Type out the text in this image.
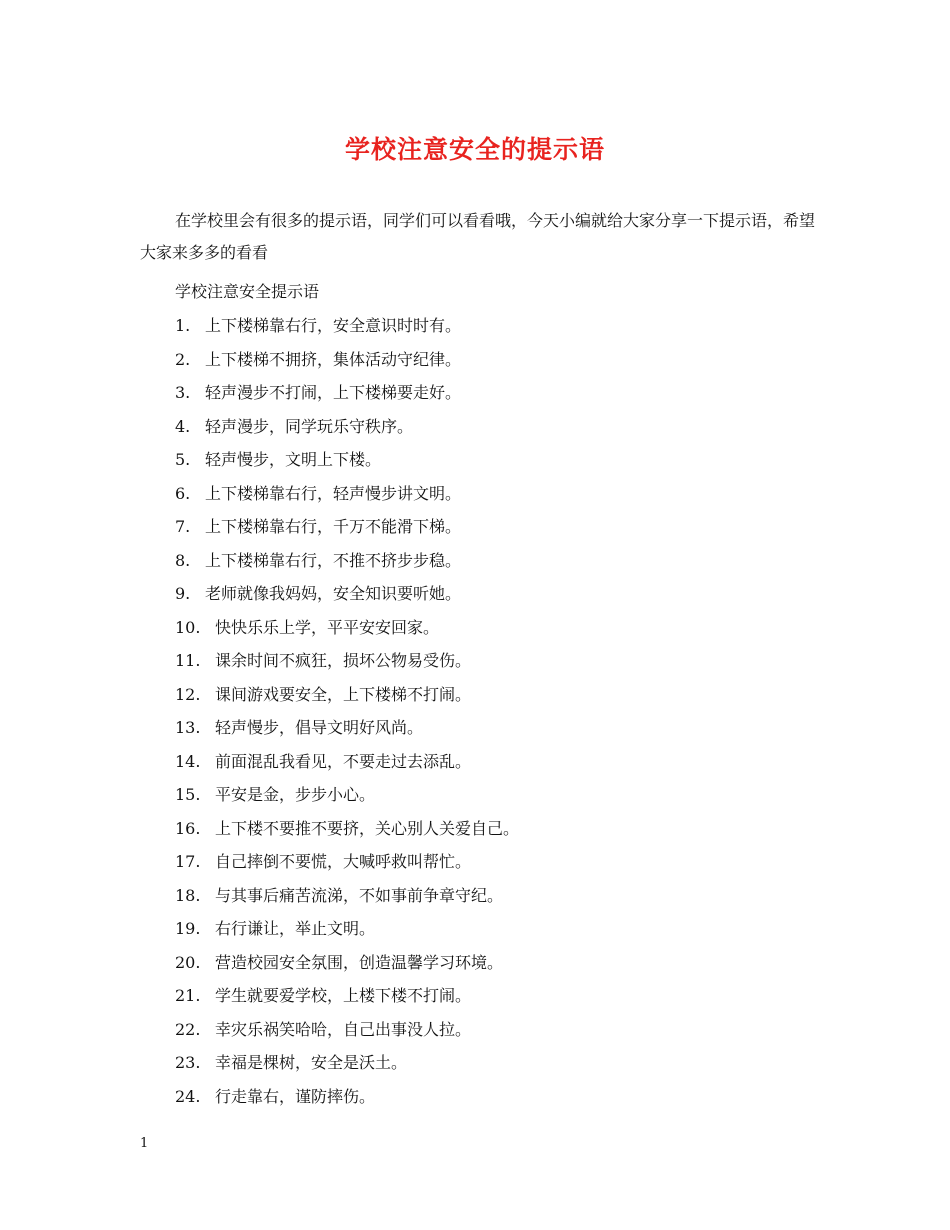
学校注意安全的提示语

在学校里会有很多的提示语，同学们可以看看哦，今天小编就给大家分享一下提示语，希望大家来多多的看看

学校注意安全提示语
1. 上下楼梯靠右行，安全意识时时有。
2. 上下楼梯不拥挤，集体活动守纪律。
3. 轻声漫步不打闹，上下楼梯要走好。
4. 轻声漫步，同学玩乐守秩序。
5. 轻声慢步，文明上下楼。
6. 上下楼梯靠右行，轻声慢步讲文明。
7. 上下楼梯靠右行，千万不能滑下梯。
8. 上下楼梯靠右行，不推不挤步步稳。
9. 老师就像我妈妈，安全知识要听她。
10. 快快乐乐上学，平平安安回家。
11. 课余时间不疯狂，损坏公物易受伤。
12. 课间游戏要安全，上下楼梯不打闹。
13. 轻声慢步，倡导文明好风尚。
14. 前面混乱我看见，不要走过去添乱。
15. 平安是金，步步小心。
16. 上下楼不要推不要挤，关心别人关爱自己。
17. 自己摔倒不要慌，大喊呼救叫帮忙。
18. 与其事后痛苦流涕，不如事前争章守纪。
19. 右行谦让，举止文明。
20. 营造校园安全氛围，创造温馨学习环境。
21. 学生就要爱学校，上楼下楼不打闹。
22. 幸灾乐祸笑哈哈，自己出事没人拉。
23. 幸福是棵树，安全是沃土。
24. 行走靠右，谨防摔伤。
1
